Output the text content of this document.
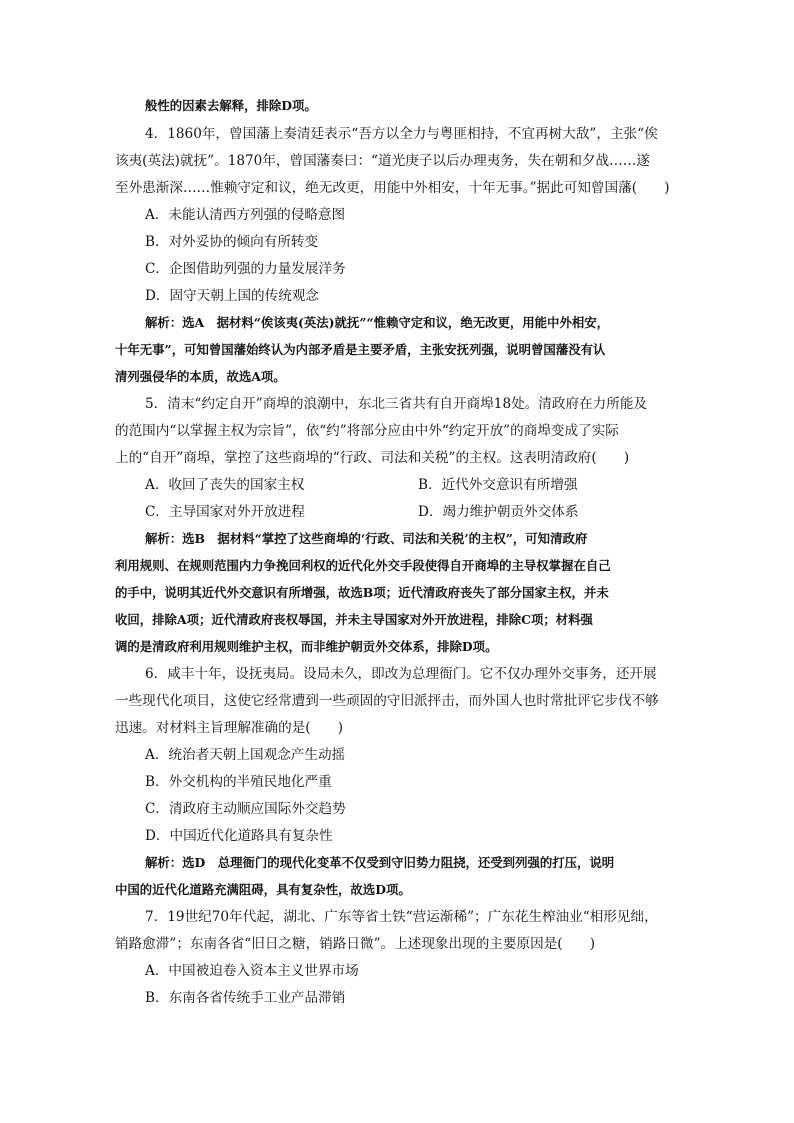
般性的因素去解释，排除D项。
4．1860年，曾国藩上奏清廷表示“吾方以全力与粤匪相持，不宜再树大敌”，主张“俟
该夷(英法)就抚”。1870年，曾国藩奏曰：“道光庚子以后办理夷务，失在朝和夕战……遂
至外患渐深……惟赖守定和议，绝无改更，用能中外相安，十年无事。”据此可知曾国藩(　　)
A．未能认清西方列强的侵略意图
B．对外妥协的倾向有所转变
C．企图借助列强的力量发展洋务
D．固守天朝上国的传统观念
解析：选A　据材料“俟该夷(英法)就抚”“惟赖守定和议，绝无改更，用能中外相安，
十年无事”，可知曾国藩始终认为内部矛盾是主要矛盾，主张安抚列强，说明曾国藩没有认
清列强侵华的本质，故选A项。
5．清末“约定自开”商埠的浪潮中，东北三省共有自开商埠18处。清政府在力所能及
的范围内“以掌握主权为宗旨”，依“约”将部分应由中外“约定开放”的商埠变成了实际
上的“自开”商埠，掌控了这些商埠的“行政、司法和关税”的主权。这表明清政府(　　)
A．收回了丧失的国家主权	B．近代外交意识有所增强
C．主导国家对外开放进程	D．竭力维护朝贡外交体系
解析：选B　据材料“掌控了这些商埠的‘行政、司法和关税’的主权”，可知清政府
利用规则、在规则范围内力争挽回利权的近代化外交手段使得自开商埠的主导权掌握在自己
的手中，说明其近代外交意识有所增强，故选B项；近代清政府丧失了部分国家主权，并未
收回，排除A项；近代清政府丧权辱国，并未主导国家对外开放进程，排除C项；材料强
调的是清政府利用规则维护主权，而非维护朝贡外交体系，排除D项。
6．咸丰十年，设抚夷局。设局未久，即改为总理衙门。它不仅办理外交事务，还开展
一些现代化项目，这使它经常遭到一些顽固的守旧派抨击，而外国人也时常批评它步伐不够
迅速。对材料主旨理解准确的是(　　)
A．统治者天朝上国观念产生动摇
B．外交机构的半殖民地化严重
C．清政府主动顺应国际外交趋势
D．中国近代化道路具有复杂性
解析：选D　总理衙门的现代化变革不仅受到守旧势力阻挠，还受到列强的打压，说明
中国的近代化道路充满阻碍，具有复杂性，故选D项。
7．19世纪70年代起，湖北、广东等省土铁“营运渐稀”；广东花生榨油业“相形见绌，
销路愈滞”；东南各省“旧日之糖，销路日微”。上述现象出现的主要原因是(　　)
A．中国被迫卷入资本主义世界市场
B．东南各省传统手工业产品滞销
